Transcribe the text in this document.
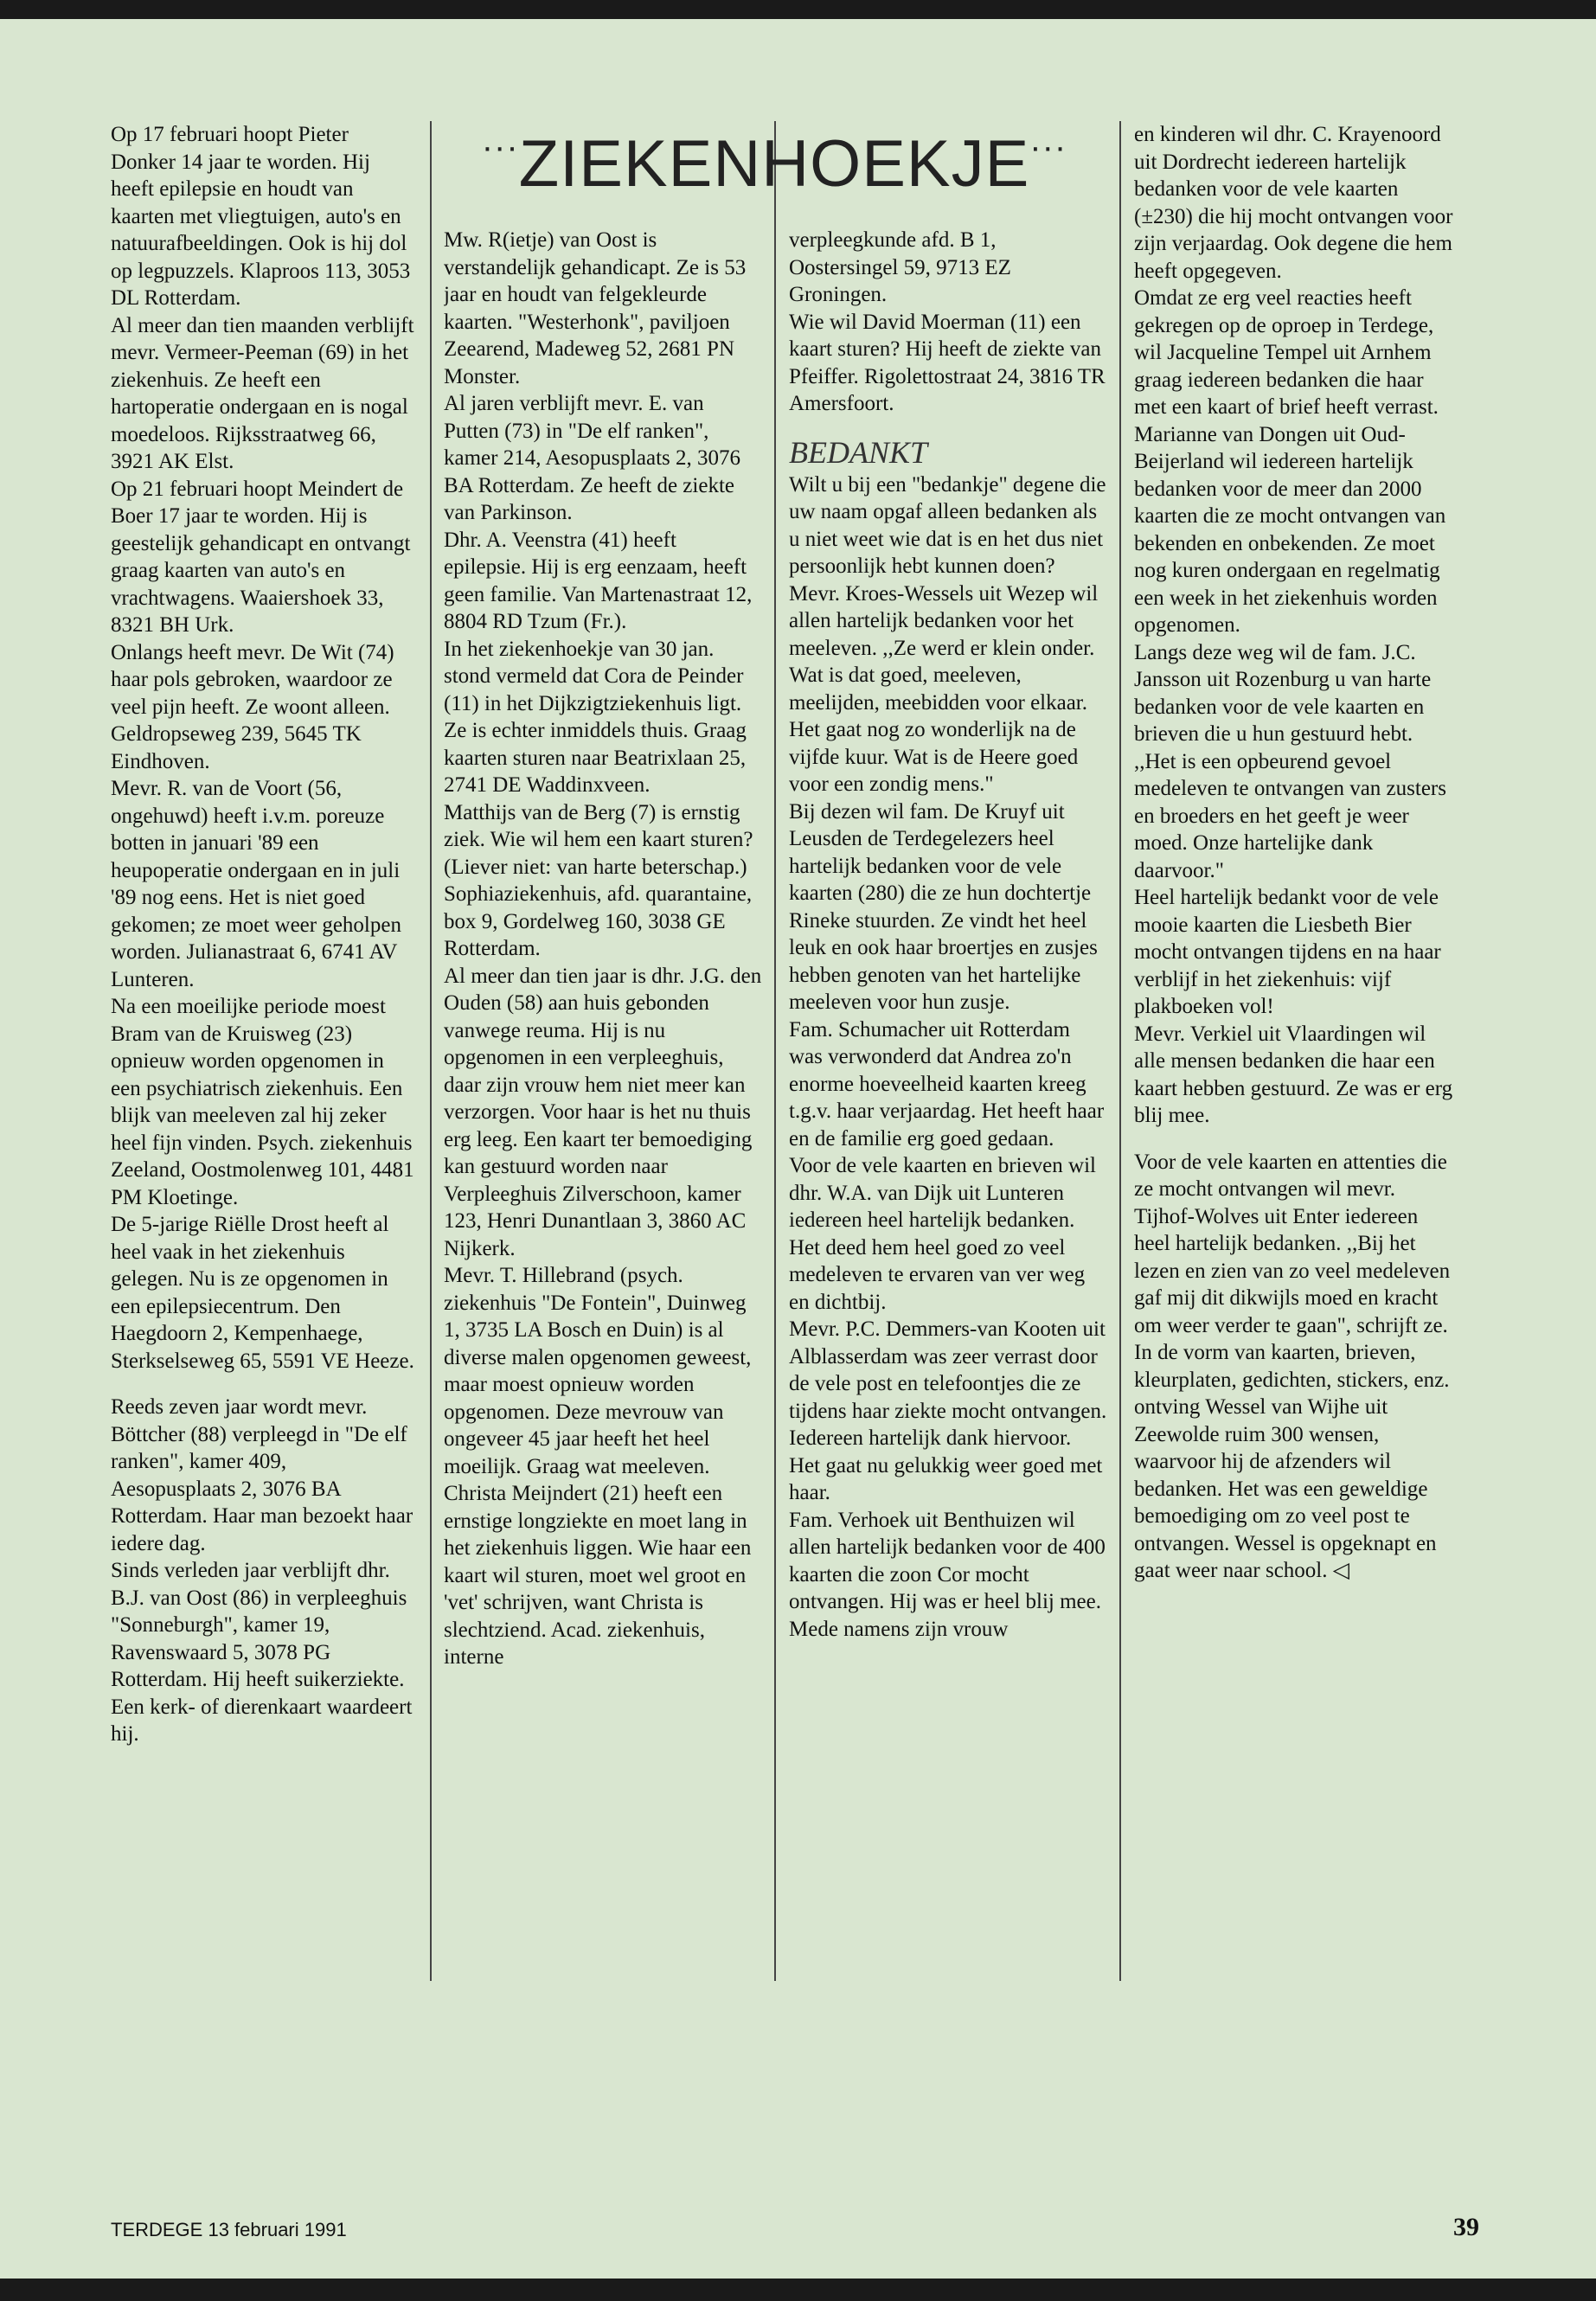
···ZIEKENHOEKJE···

Op 17 februari hoopt Pieter Donker 14 jaar te worden. Hij heeft epilepsie en houdt van kaarten met vliegtuigen, auto's en natuurafbeeldingen. Ook is hij dol op legpuzzels. Klaproos 113, 3053 DL Rotterdam.

Al meer dan tien maanden verblijft mevr. Vermeer-Peeman (69) in het ziekenhuis. Ze heeft een hartoperatie ondergaan en is nogal moedeloos. Rijksstraatweg 66, 3921 AK Elst.

Op 21 februari hoopt Meindert de Boer 17 jaar te worden. Hij is geestelijk gehandicapt en ontvangt graag kaarten van auto's en vrachtwagens. Waaiershoek 33, 8321 BH Urk.

Onlangs heeft mevr. De Wit (74) haar pols gebroken, waardoor ze veel pijn heeft. Ze woont alleen. Geldropseweg 239, 5645 TK Eindhoven.

Mevr. R. van de Voort (56, ongehuwd) heeft i.v.m. poreuze botten in januari '89 een heupoperatie ondergaan en in juli '89 nog eens. Het is niet goed gekomen; ze moet weer geholpen worden. Julianastraat 6, 6741 AV Lunteren.

Na een moeilijke periode moest Bram van de Kruisweg (23) opnieuw worden opgenomen in een psychiatrisch ziekenhuis. Een blijk van meeleven zal hij zeker heel fijn vinden. Psych. ziekenhuis Zeeland, Oostmolenweg 101, 4481 PM Kloetinge.

De 5-jarige Riëlle Drost heeft al heel vaak in het ziekenhuis gelegen. Nu is ze opgenomen in een epilepsiecentrum. Den Haegdoorn 2, Kempenhaege, Sterkselseweg 65, 5591 VE Heeze.

Reeds zeven jaar wordt mevr. Böttcher (88) verpleegd in "De elf ranken", kamer 409, Aesopusplaats 2, 3076 BA Rotterdam. Haar man bezoekt haar iedere dag.

Sinds verleden jaar verblijft dhr. B.J. van Oost (86) in verpleeghuis "Sonneburgh", kamer 19, Ravenswaard 5, 3078 PG Rotterdam. Hij heeft suikerziekte. Een kerk- of dierenkaart waardeert hij.

Mw. R(ietje) van Oost is verstandelijk gehandicapt. Ze is 53 jaar en houdt van felgekleurde kaarten. "Westerhonk", paviljoen Zeearend, Madeweg 52, 2681 PN Monster.

Al jaren verblijft mevr. E. van Putten (73) in "De elf ranken", kamer 214, Aesopusplaats 2, 3076 BA Rotterdam. Ze heeft de ziekte van Parkinson.

Dhr. A. Veenstra (41) heeft epilepsie. Hij is erg eenzaam, heeft geen familie. Van Martenastraat 12, 8804 RD Tzum (Fr.).

In het ziekenhoekje van 30 jan. stond vermeld dat Cora de Peinder (11) in het Dijkzigtziekenhuis ligt. Ze is echter inmiddels thuis. Graag kaarten sturen naar Beatrixlaan 25, 2741 DE Waddinxveen.

Matthijs van de Berg (7) is ernstig ziek. Wie wil hem een kaart sturen? (Liever niet: van harte beterschap.) Sophiaziekenhuis, afd. quarantaine, box 9, Gordelweg 160, 3038 GE Rotterdam.

Al meer dan tien jaar is dhr. J.G. den Ouden (58) aan huis gebonden vanwege reuma. Hij is nu opgenomen in een verpleeghuis, daar zijn vrouw hem niet meer kan verzorgen. Voor haar is het nu thuis erg leeg. Een kaart ter bemoediging kan gestuurd worden naar Verpleeghuis Zilverschoon, kamer 123, Henri Dunantlaan 3, 3860 AC Nijkerk.

Mevr. T. Hillebrand (psych. ziekenhuis "De Fontein", Duinweg 1, 3735 LA Bosch en Duin) is al diverse malen opgenomen geweest, maar moest opnieuw worden opgenomen. Deze mevrouw van ongeveer 45 jaar heeft het heel moeilijk. Graag wat meeleven.

Christa Meijndert (21) heeft een ernstige longziekte en moet lang in het ziekenhuis liggen. Wie haar een kaart wil sturen, moet wel groot en 'vet' schrijven, want Christa is slechtziend. Acad. ziekenhuis, interne

verpleegkunde afd. B 1, Oostersingel 59, 9713 EZ Groningen.

Wie wil David Moerman (11) een kaart sturen? Hij heeft de ziekte van Pfeiffer. Rigolettostraat 24, 3816 TR Amersfoort.

BEDANKT

Wilt u bij een "bedankje" degene die uw naam opgaf alleen bedanken als u niet weet wie dat is en het dus niet persoonlijk hebt kunnen doen?

Mevr. Kroes-Wessels uit Wezep wil allen hartelijk bedanken voor het meeleven. ,,Ze werd er klein onder. Wat is dat goed, meeleven, meelijden, meebidden voor elkaar. Het gaat nog zo wonderlijk na de vijfde kuur. Wat is de Heere goed voor een zondig mens."

Bij dezen wil fam. De Kruyf uit Leusden de Terdegelezers heel hartelijk bedanken voor de vele kaarten (280) die ze hun dochtertje Rineke stuurden. Ze vindt het heel leuk en ook haar broertjes en zusjes hebben genoten van het hartelijke meeleven voor hun zusje.

Fam. Schumacher uit Rotterdam was verwonderd dat Andrea zo'n enorme hoeveelheid kaarten kreeg t.g.v. haar verjaardag. Het heeft haar en de familie erg goed gedaan.

Voor de vele kaarten en brieven wil dhr. W.A. van Dijk uit Lunteren iedereen heel hartelijk bedanken. Het deed hem heel goed zo veel medeleven te ervaren van ver weg en dichtbij.

Mevr. P.C. Demmers-van Kooten uit Alblasserdam was zeer verrast door de vele post en telefoontjes die ze tijdens haar ziekte mocht ontvangen. Iedereen hartelijk dank hiervoor. Het gaat nu gelukkig weer goed met haar.

Fam. Verhoek uit Benthuizen wil allen hartelijk bedanken voor de 400 kaarten die zoon Cor mocht ontvangen. Hij was er heel blij mee.

Mede namens zijn vrouw

en kinderen wil dhr. C. Krayenoord uit Dordrecht iedereen hartelijk bedanken voor de vele kaarten (±230) die hij mocht ontvangen voor zijn verjaardag. Ook degene die hem heeft opgegeven.

Omdat ze erg veel reacties heeft gekregen op de oproep in Terdege, wil Jacqueline Tempel uit Arnhem graag iedereen bedanken die haar met een kaart of brief heeft verrast.

Marianne van Dongen uit Oud-Beijerland wil iedereen hartelijk bedanken voor de meer dan 2000 kaarten die ze mocht ontvangen van bekenden en onbekenden. Ze moet nog kuren ondergaan en regelmatig een week in het ziekenhuis worden opgenomen.

Langs deze weg wil de fam. J.C. Jansson uit Rozenburg u van harte bedanken voor de vele kaarten en brieven die u hun gestuurd hebt. ,,Het is een opbeurend gevoel medeleven te ontvangen van zusters en broeders en het geeft je weer moed. Onze hartelijke dank daarvoor."

Heel hartelijk bedankt voor de vele mooie kaarten die Liesbeth Bier mocht ontvangen tijdens en na haar verblijf in het ziekenhuis: vijf plakboeken vol!

Mevr. Verkiel uit Vlaardingen wil alle mensen bedanken die haar een kaart hebben gestuurd. Ze was er erg blij mee.

Voor de vele kaarten en attenties die ze mocht ontvangen wil mevr. Tijhof-Wolves uit Enter iedereen heel hartelijk bedanken. ,,Bij het lezen en zien van zo veel medeleven gaf mij dit dikwijls moed en kracht om weer verder te gaan", schrijft ze.

In de vorm van kaarten, brieven, kleurplaten, gedichten, stickers, enz. ontving Wessel van Wijhe uit Zeewolde ruim 300 wensen, waarvoor hij de afzenders wil bedanken. Het was een geweldige bemoediging om zo veel post te ontvangen. Wessel is opgeknapt en gaat weer naar school. ◁

TERDEGE 13 februari 1991	39
